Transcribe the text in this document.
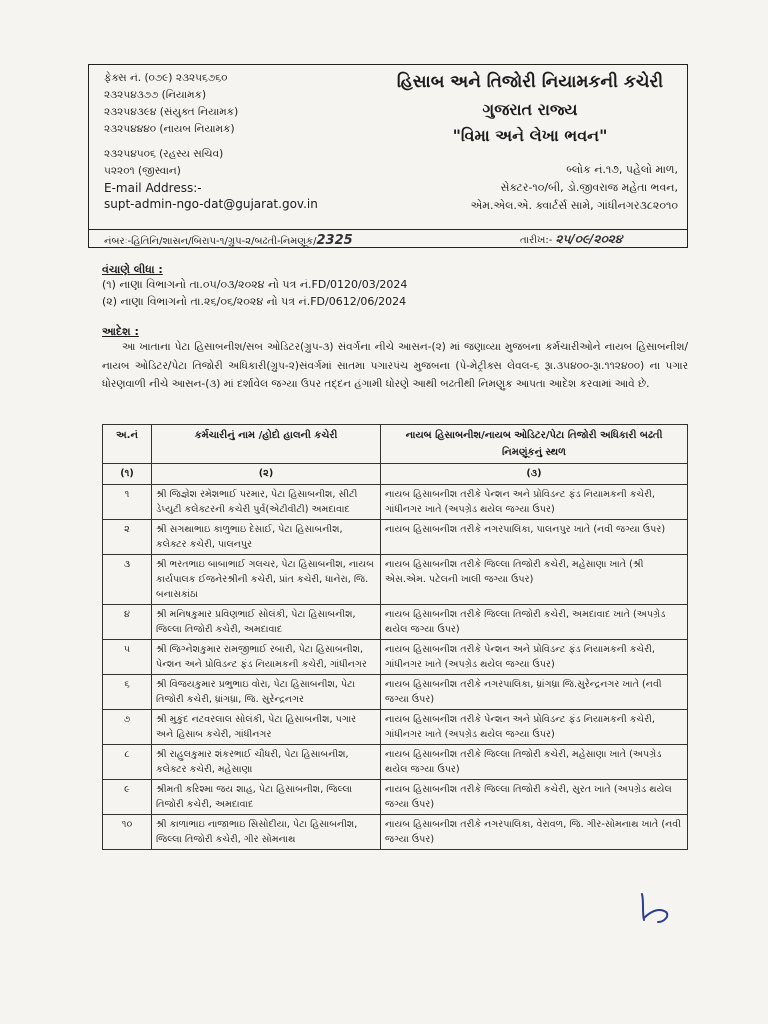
ફેક્સ નં. (૦૭૯) ૨૩૨૫૬૭૬૦
૨૩૨૫૪૩૭૭ (નિયામક)
૨૩૨૫૪૩૯૪ (સંયુક્ત નિયામક)
૨૩૨૫૪૪૪૦ (નાયબ નિયામક)
૨૩૨૫૪૫૦૬ (રહસ્ય સચિવ)
૫૨૨૦૧ (જીસ્વાન)
E-mail Address:-
supt-admin-ngo-dat@gujarat.gov.in
હિસાબ અને તિજોરી નિયામકની કચેરી
ગુજરાત રાજ્ય
"વિમા અને લેખા ભવન"
બ્લોક નં.૧૭, પહેલો માળ,
સેક્ટર-૧૦/બી, ડો.જીવરાજ મહેતા ભવન,
એમ.એલ.એ. ક્વાર્ટર્સ સામે, ગાંધીનગર૩૮૨૦૧૦
નંબરઃ-હિતિનિ/શાસન/બિરાપ-૧/ગ્રુપ-૨/બઢતી-નિમણૂક/2325	તારીખ:- ૨૫/૦૯/૨૦૨૪
વંચાણે લીધા :
(૧) નાણા વિભાગનો તા.૦૫/૦૩/૨૦૨૪ નો પત્ર નં.FD/0120/03/2024
(૨) નાણા વિભાગનો તા.૨૬/૦૬/૨૦૨૪ નો પત્ર નં.FD/0612/06/2024
આદેશ :
આ ખાતાના પેટા હિસાબનીશ/સબ ઓડિટર(ગ્રુપ-૩) સંવર્ગના નીચે આસન-(૨) માં જણાવ્યા મુજબના કર્મચારીઓને નાયબ હિસાબનીશ/નાયબ ઓડિટર/પેટા તિજોરી અધિકારી(ગ્રુપ-૨)સંવર્ગમાં સાતમા પગારપંચ મુજબના (પે-મેટ્રીક્સ લેવલ-૬ રૂા.૩૫૪૦૦-રૂા.૧૧૨૪૦૦) ના પગાર ધોરણવાળી નીચે આસન-(૩) માં દર્શાવેલ જગ્યા ઉપર તદ્દન હંગામી ધોરણે આથી બઢતીથી નિમણુક આપતા આદેશ કરવામાં આવે છે.
અ.નં	કર્મચારીનું નામ /હોદો હાલની કચેરી	નાયબ હિસાબનીશ/નાયબ ઓડિટર/પેટા તિજોરી અધિકારી બઢતી નિમણૂંકનું સ્થળ
(૧)	(૨)	(૩)
૧	શ્રી જિજ્ઞેશ રમેશભાઈ પરમાર, પેટા હિસાબનીશ, સીટી ડેપ્યુટી કલેક્ટરની કચેરી પુર્વ(એટીવીટી) અમદાવાદ	નાયબ હિસાબનીશ તરીકે પેન્શન અને પ્રોવિડન્ટ ફંડ નિયામકની કચેરી, ગાંધીનગર ખાતે (અપગ્રેડ થયેલ જગ્યા ઉપર)
૨	શ્રી સગથાભાઇ કાળુભાઇ દેસાઈ, પેટા હિસાબનીશ, કલેક્ટર કચેરી, પાલનપુર	નાયબ હિસાબનીશ તરીકે નગરપાલિકા, પાલનપુર ખાતે (નવી જગ્યા ઉપર)
૩	શ્રી ભરતભાઇ બાબાભાઈ ગલચર, પેટા હિસાબનીશ, નાયબ કાર્યપાલક ઈજનેરશ્રીની કચેરી, પ્રાંત કચેરી, ધાનેરા, જિ. બનાસકાંઠા	નાયબ હિસાબનીશ તરીકે જિલ્લા તિજોરી કચેરી, મહેસાણા ખાતે (શ્રી એસ.એમ. પટેલની ખાલી જગ્યા ઉપર)
૪	શ્રી મનિષકુમાર પ્રવિણભાઈ સોલંકી, પેટા હિસાબનીશ, જિલ્લા તિજોરી કચેરી, અમદાવાદ	નાયબ હિસાબનીશ તરીકે જિલ્લા તિજોરી કચેરી, અમદાવાદ ખાતે (અપગ્રેડ થયેલ જગ્યા ઉપર)
૫	શ્રી જિગ્નેશકુમાર રામજીભાઈ રબારી, પેટા હિસાબનીશ, પેન્શન અને પ્રોવિડન્ટ ફંડ નિયામકની કચેરી, ગાંધીનગર	નાયબ હિસાબનીશ તરીકે પેન્શન અને પ્રોવિડન્ટ ફંડ નિયામકની કચેરી, ગાંધીનગર ખાતે (અપગ્રેડ થયેલ જગ્યા ઉપર)
૬	શ્રી વિજયકુમાર પ્રભુભાઇ વોરા, પેટા હિસાબનીશ, પેટા તિજોરી કચેરી, ધ્રાંગધ્રા, જિ. સુરેન્દ્રનગર	નાયબ હિસાબનીશ તરીકે નગરપાલિકા, ધ્રાંગધ્રા જિ.સુરેન્દ્રનગર ખાતે (નવી જગ્યા ઉપર)
૭	શ્રી મુકુંદ નટવરલાલ સોલંકી, પેટા હિસાબનીશ, પગાર અને હિસાબ કચેરી, ગાંધીનગર	નાયબ હિસાબનીશ તરીકે પેન્શન અને પ્રોવિડન્ટ ફંડ નિયામકની કચેરી, ગાંધીનગર ખાતે (અપગ્રેડ થયેલ જગ્યા ઉપર)
૮	શ્રી રાહુલકુમાર શંકરભાઈ ચૌધરી, પેટા હિસાબનીશ, કલેક્ટર કચેરી, મહેસાણા	નાયબ હિસાબનીશ તરીકે જિલ્લા તિજોરી કચેરી, મહેસાણા ખાતે (અપગ્રેડ થયેલ જગ્યા ઉપર)
૯	શ્રીમતી કરિશ્મા જય શાહ, પેટા હિસાબનીશ, જિલ્લા તિજોરી કચેરી, અમદાવાદ	નાયબ હિસાબનીશ તરીકે જિલ્લા તિજોરી કચેરી, સુરત ખાતે (અપગ્રેડ થયેલ જગ્યા ઉપર)
૧૦	શ્રી કાળાભાઇ નાજાભાઇ સિસોદીયા, પેટા હિસાબનીશ, જિલ્લા તિજોરી કચેરી, ગીર સોમનાથ	નાયબ હિસાબનીશ તરીકે નગરપાલિકા, વેરાવળ, જિ. ગીર-સોમનાથ ખાતે (નવી જગ્યા ઉપર)
